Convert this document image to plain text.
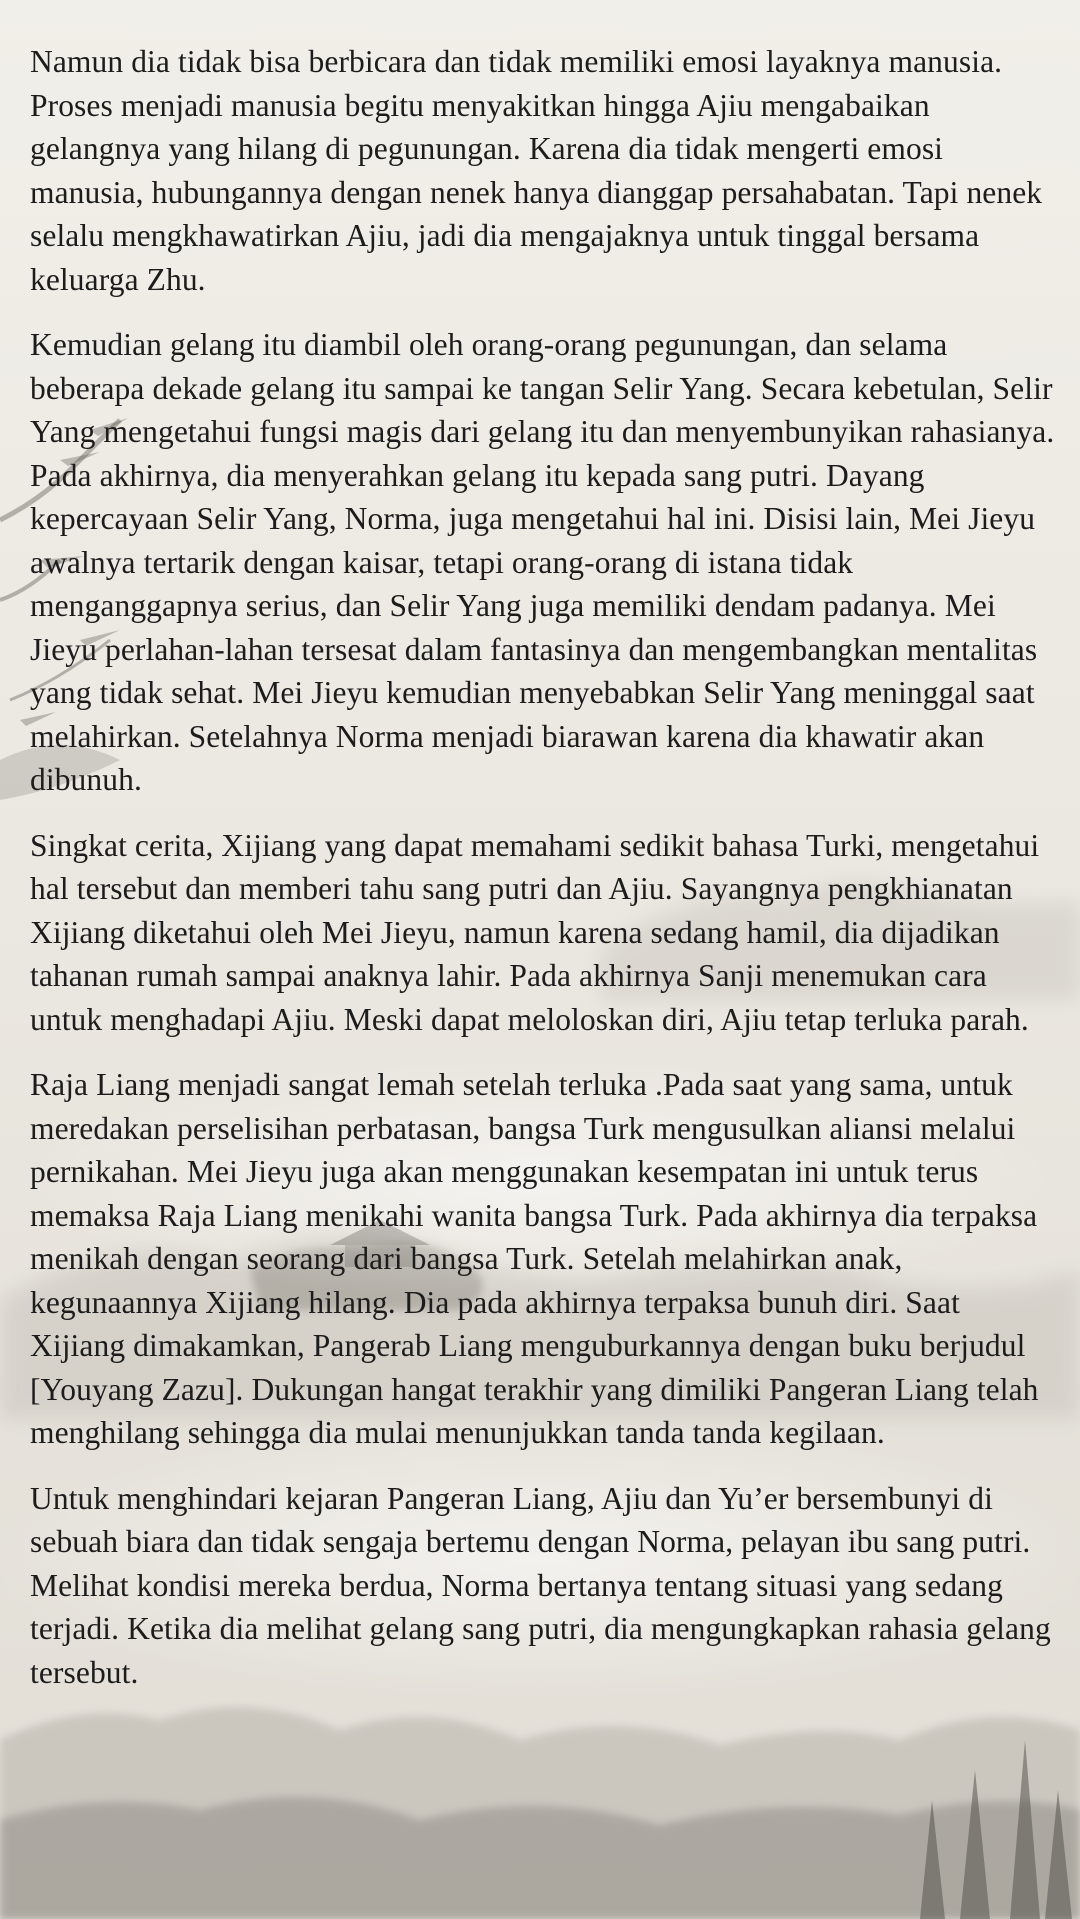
Namun dia tidak bisa berbicara dan tidak memiliki emosi layaknya manusia. Proses menjadi manusia begitu menyakitkan hingga Ajiu mengabaikan gelangnya yang hilang di pegunungan. Karena dia tidak mengerti emosi manusia, hubungannya dengan nenek hanya dianggap persahabatan. Tapi nenek selalu mengkhawatirkan Ajiu, jadi dia mengajaknya untuk tinggal bersama keluarga Zhu.

Kemudian gelang itu diambil oleh orang-orang pegunungan, dan selama beberapa dekade gelang itu sampai ke tangan Selir Yang. Secara kebetulan, Selir Yang mengetahui fungsi magis dari gelang itu dan menyembunyikan rahasianya. Pada akhirnya, dia menyerahkan gelang itu kepada sang putri. Dayang kepercayaan Selir Yang, Norma, juga mengetahui hal ini. Disisi lain, Mei Jieyu awalnya tertarik dengan kaisar, tetapi orang-orang di istana tidak menganggapnya serius, dan Selir Yang juga memiliki dendam padanya. Mei Jieyu perlahan-lahan tersesat dalam fantasinya dan mengembangkan mentalitas yang tidak sehat. Mei Jieyu kemudian menyebabkan Selir Yang meninggal saat melahirkan. Setelahnya Norma menjadi biarawan karena dia khawatir akan dibunuh.

Singkat cerita, Xijiang yang dapat memahami sedikit bahasa Turki, mengetahui hal tersebut dan memberi tahu sang putri dan Ajiu. Sayangnya pengkhianatan Xijiang diketahui oleh Mei Jieyu, namun karena sedang hamil, dia dijadikan tahanan rumah sampai anaknya lahir. Pada akhirnya Sanji menemukan cara untuk menghadapi Ajiu. Meski dapat meloloskan diri, Ajiu tetap terluka parah.

Raja Liang menjadi sangat lemah setelah terluka .Pada saat yang sama, untuk meredakan perselisihan perbatasan, bangsa Turk mengusulkan aliansi melalui pernikahan. Mei Jieyu juga akan menggunakan kesempatan ini untuk terus memaksa Raja Liang menikahi wanita bangsa Turk. Pada akhirnya dia terpaksa menikah dengan seorang dari bangsa Turk. Setelah melahirkan anak, kegunaannya Xijiang hilang. Dia pada akhirnya terpaksa bunuh diri. Saat Xijiang dimakamkan, Pangerab Liang menguburkannya dengan buku berjudul [Youyang Zazu]. Dukungan hangat terakhir yang dimiliki Pangeran Liang telah menghilang sehingga dia mulai menunjukkan tanda tanda kegilaan.

Untuk menghindari kejaran Pangeran Liang, Ajiu dan Yu’er bersembunyi di sebuah biara dan tidak sengaja bertemu dengan Norma, pelayan ibu sang putri. Melihat kondisi mereka berdua, Norma bertanya tentang situasi yang sedang terjadi. Ketika dia melihat gelang sang putri, dia mengungkapkan rahasia gelang tersebut.
